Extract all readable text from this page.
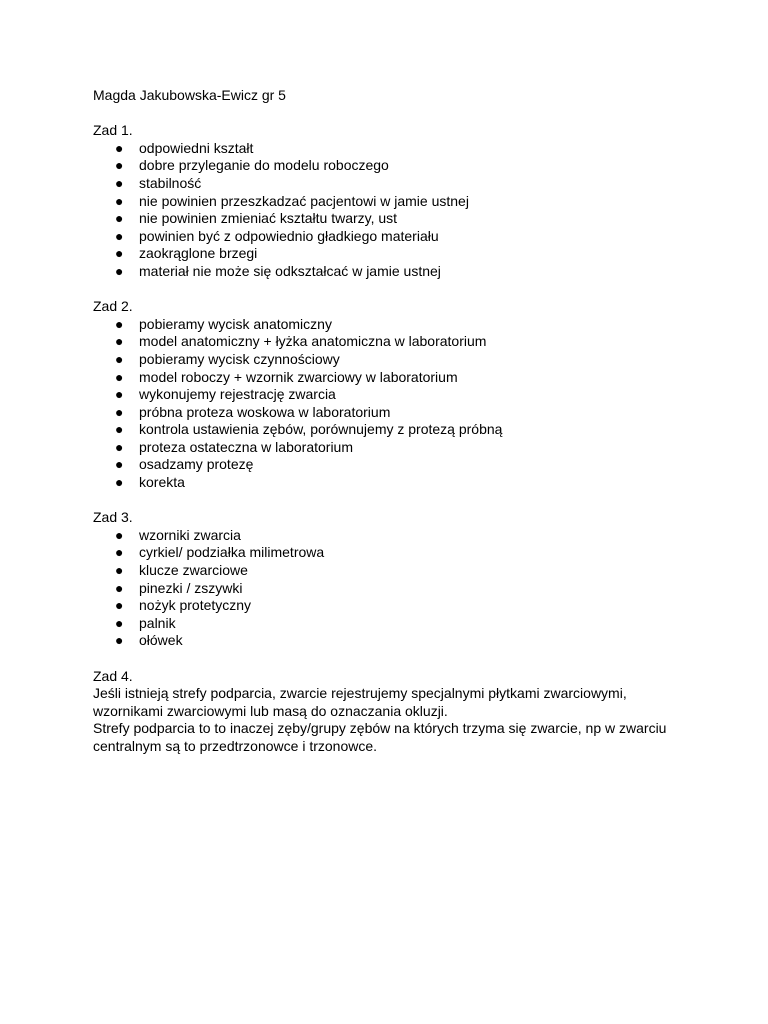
Magda Jakubowska-Ewicz gr 5

Zad 1.

● odpowiedni kształt
● dobre przyleganie do modelu roboczego
● stabilność
● nie powinien przeszkadzać pacjentowi w jamie ustnej
● nie powinien zmieniać kształtu twarzy, ust
● powinien być z odpowiednio gładkiego materiału
● zaokrąglone brzegi
● materiał nie może się odkształcać w jamie ustnej

Zad 2.

● pobieramy wycisk anatomiczny
● model anatomiczny + łyżka anatomiczna w laboratorium
● pobieramy wycisk czynnościowy
● model roboczy + wzornik zwarciowy w laboratorium
● wykonujemy rejestrację zwarcia
● próbna proteza woskowa w laboratorium
● kontrola ustawienia zębów, porównujemy z protezą próbną
● proteza ostateczna w laboratorium
● osadzamy protezę
● korekta

Zad 3.

● wzorniki zwarcia
● cyrkiel/ podziałka milimetrowa
● klucze zwarciowe
● pinezki / zszywki
● nożyk protetyczny
● palnik
● ołówek

Zad 4.

Jeśli istnieją strefy podparcia, zwarcie rejestrujemy specjalnymi płytkami zwarciowymi, wzornikami zwarciowymi lub masą do oznaczania okluzji.

Strefy podparcia to to inaczej zęby/grupy zębów na których trzyma się zwarcie, np w zwarciu centralnym są to przedtrzonowce i trzonowce.
